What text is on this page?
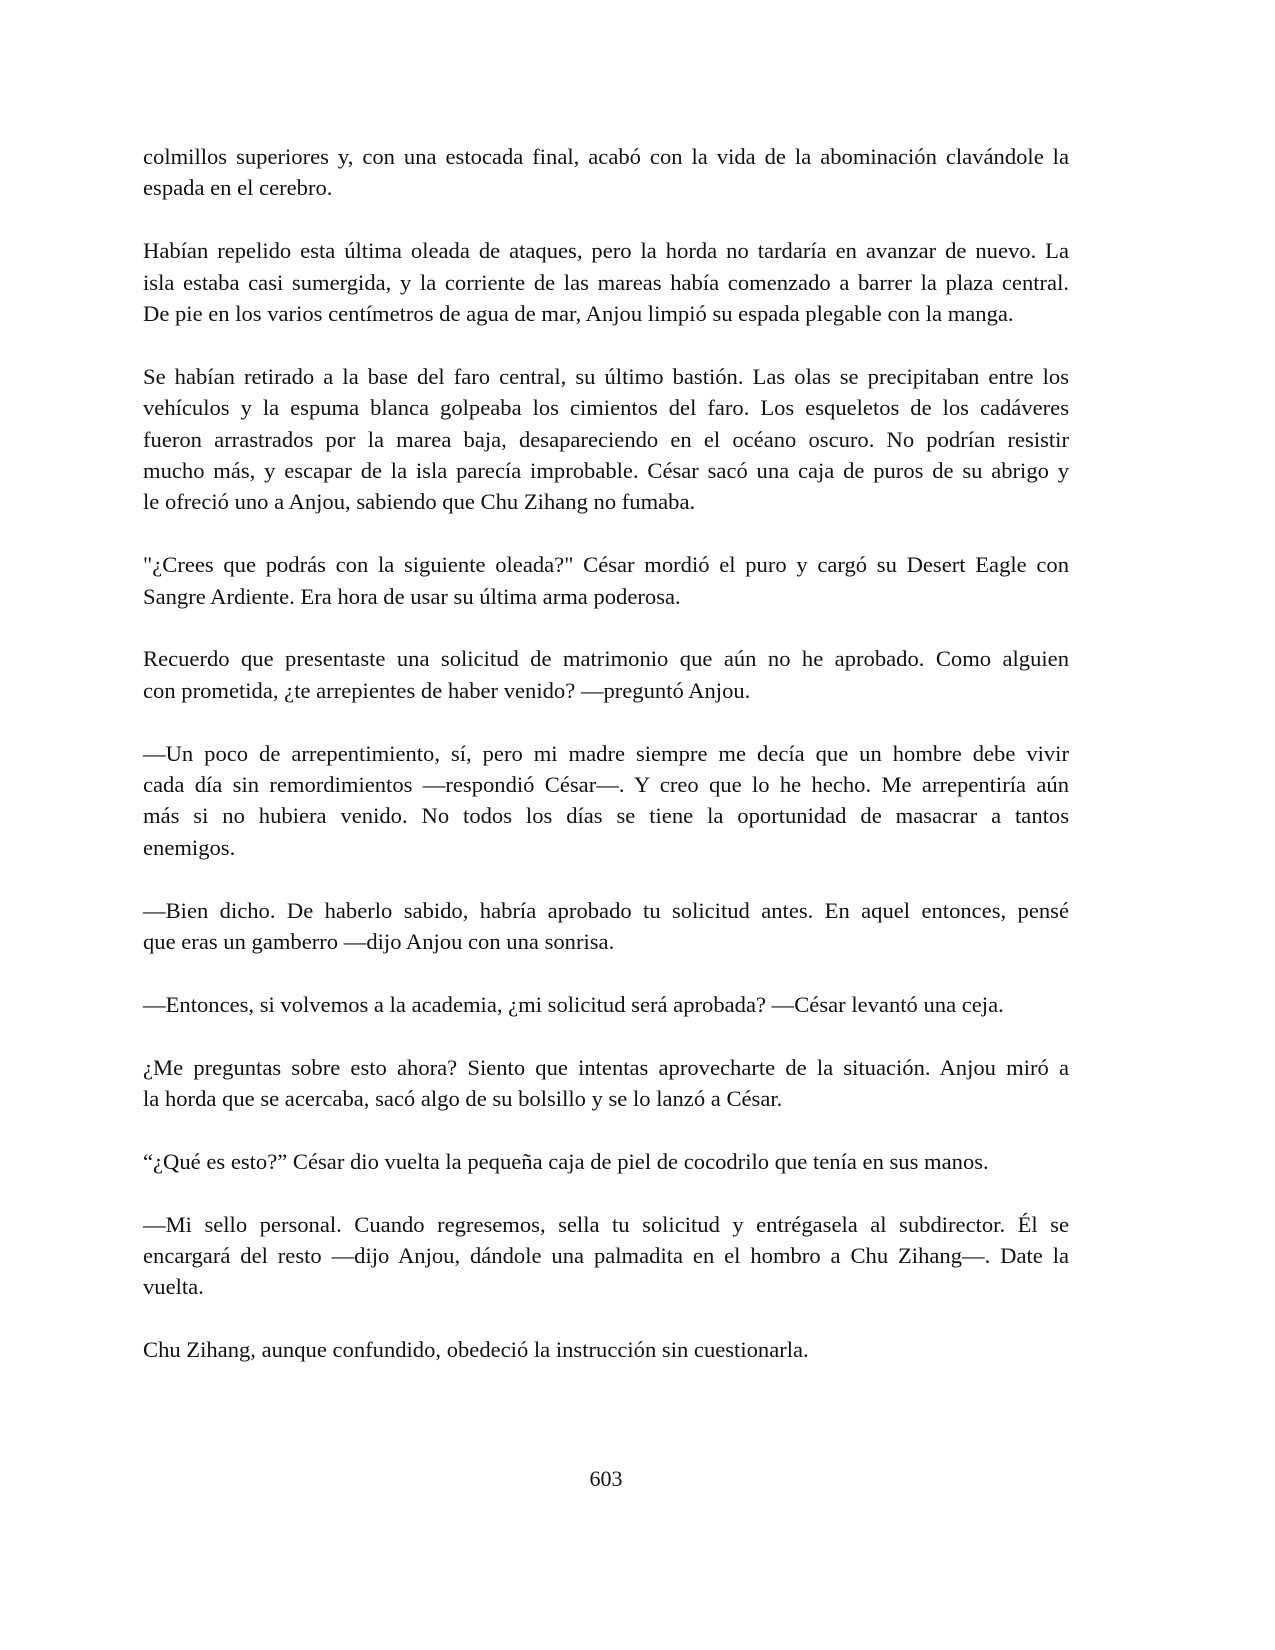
colmillos superiores y, con una estocada final, acabó con la vida de la abominación clavándole la
espada en el cerebro.

Habían repelido esta última oleada de ataques, pero la horda no tardaría en avanzar de nuevo. La
isla estaba casi sumergida, y la corriente de las mareas había comenzado a barrer la plaza central.
De pie en los varios centímetros de agua de mar, Anjou limpió su espada plegable con la manga.

Se habían retirado a la base del faro central, su último bastión. Las olas se precipitaban entre los
vehículos y la espuma blanca golpeaba los cimientos del faro. Los esqueletos de los cadáveres
fueron arrastrados por la marea baja, desapareciendo en el océano oscuro. No podrían resistir
mucho más, y escapar de la isla parecía improbable. César sacó una caja de puros de su abrigo y
le ofreció uno a Anjou, sabiendo que Chu Zihang no fumaba.

"¿Crees que podrás con la siguiente oleada?" César mordió el puro y cargó su Desert Eagle con
Sangre Ardiente. Era hora de usar su última arma poderosa.

Recuerdo que presentaste una solicitud de matrimonio que aún no he aprobado. Como alguien
con prometida, ¿te arrepientes de haber venido? —preguntó Anjou.

—Un poco de arrepentimiento, sí, pero mi madre siempre me decía que un hombre debe vivir
cada día sin remordimientos —respondió César—. Y creo que lo he hecho. Me arrepentiría aún
más si no hubiera venido. No todos los días se tiene la oportunidad de masacrar a tantos
enemigos.

—Bien dicho. De haberlo sabido, habría aprobado tu solicitud antes. En aquel entonces, pensé
que eras un gamberro —dijo Anjou con una sonrisa.

—Entonces, si volvemos a la academia, ¿mi solicitud será aprobada? —César levantó una ceja.

¿Me preguntas sobre esto ahora? Siento que intentas aprovecharte de la situación. Anjou miró a
la horda que se acercaba, sacó algo de su bolsillo y se lo lanzó a César.

“¿Qué es esto?” César dio vuelta la pequeña caja de piel de cocodrilo que tenía en sus manos.

—Mi sello personal. Cuando regresemos, sella tu solicitud y entrégasela al subdirector. Él se
encargará del resto —dijo Anjou, dándole una palmadita en el hombro a Chu Zihang—. Date la
vuelta.

Chu Zihang, aunque confundido, obedeció la instrucción sin cuestionarla.

603
